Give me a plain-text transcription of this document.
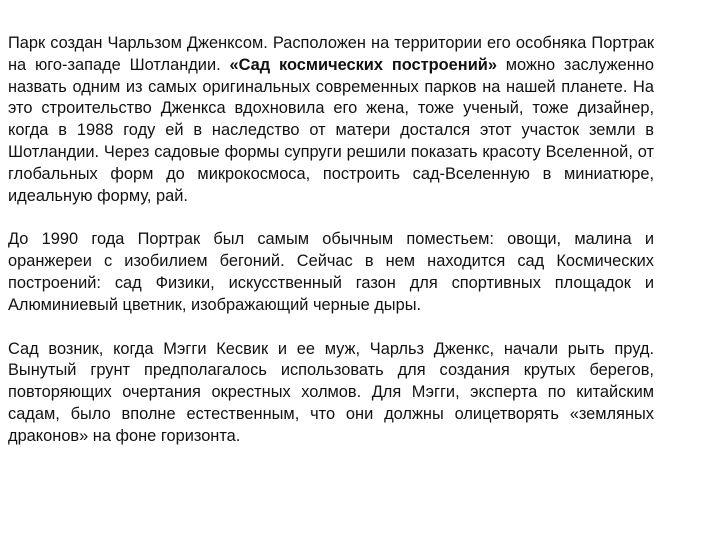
Парк создан Чарльзом Дженксом. Расположен на территории его особняка Портрак на юго-западе Шотландии. «Сад космических построений» можно заслуженно назвать одним из самых оригинальных современных парков на нашей планете. На это строительство Дженкса вдохновила его жена, тоже ученый, тоже дизайнер, когда в 1988 году ей в наследство от матери достался этот участок земли в Шотландии. Через садовые формы супруги решили показать красоту Вселенной, от глобальных форм до микрокосмоса, построить сад-Вселенную в миниатюре, идеальную форму, рай.

До 1990 года Портрак был самым обычным поместьем: овощи, малина и оранжереи с изобилием бегоний. Сейчас в нем находится сад Космических построений: сад Физики, искусственный газон для спортивных площадок и Алюминиевый цветник, изображающий черные дыры.

Сад возник, когда Мэгги Кесвик и ее муж, Чарльз Дженкс, начали рыть пруд. Вынутый грунт предполагалось использовать для создания крутых берегов, повторяющих очертания окрестных холмов. Для Мэгги, эксперта по китайским садам, было вполне естественным, что они должны олицетворять «земляных драконов» на фоне горизонта.
